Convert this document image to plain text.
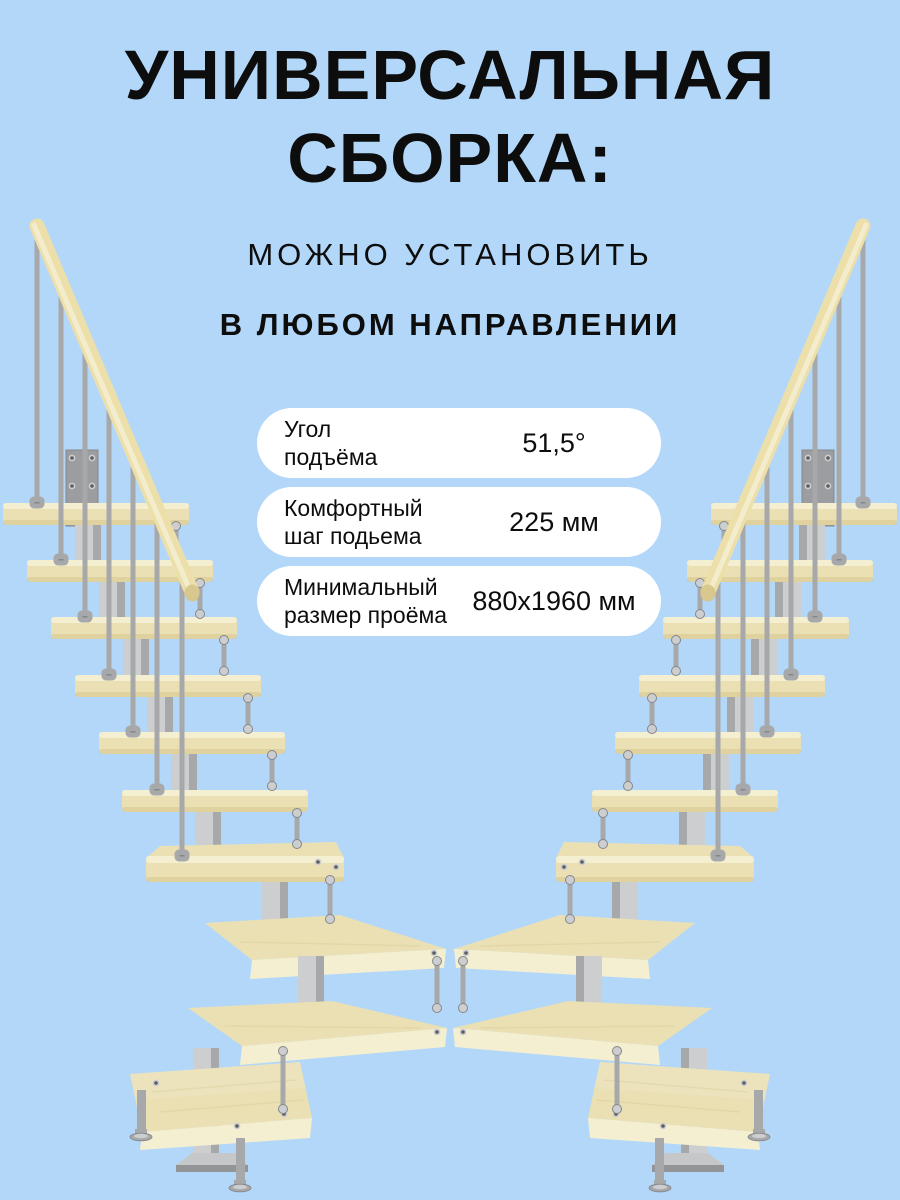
УНИВЕРСАЛЬНАЯ
СБОРКА:
МОЖНО УСТАНОВИТЬ
В ЛЮБОМ НАПРАВЛЕНИИ
Угол
подъёма	51,5°
Комфортный
шаг подьема	225 мм
Минимальный
размер проёма 880x1960 мм
